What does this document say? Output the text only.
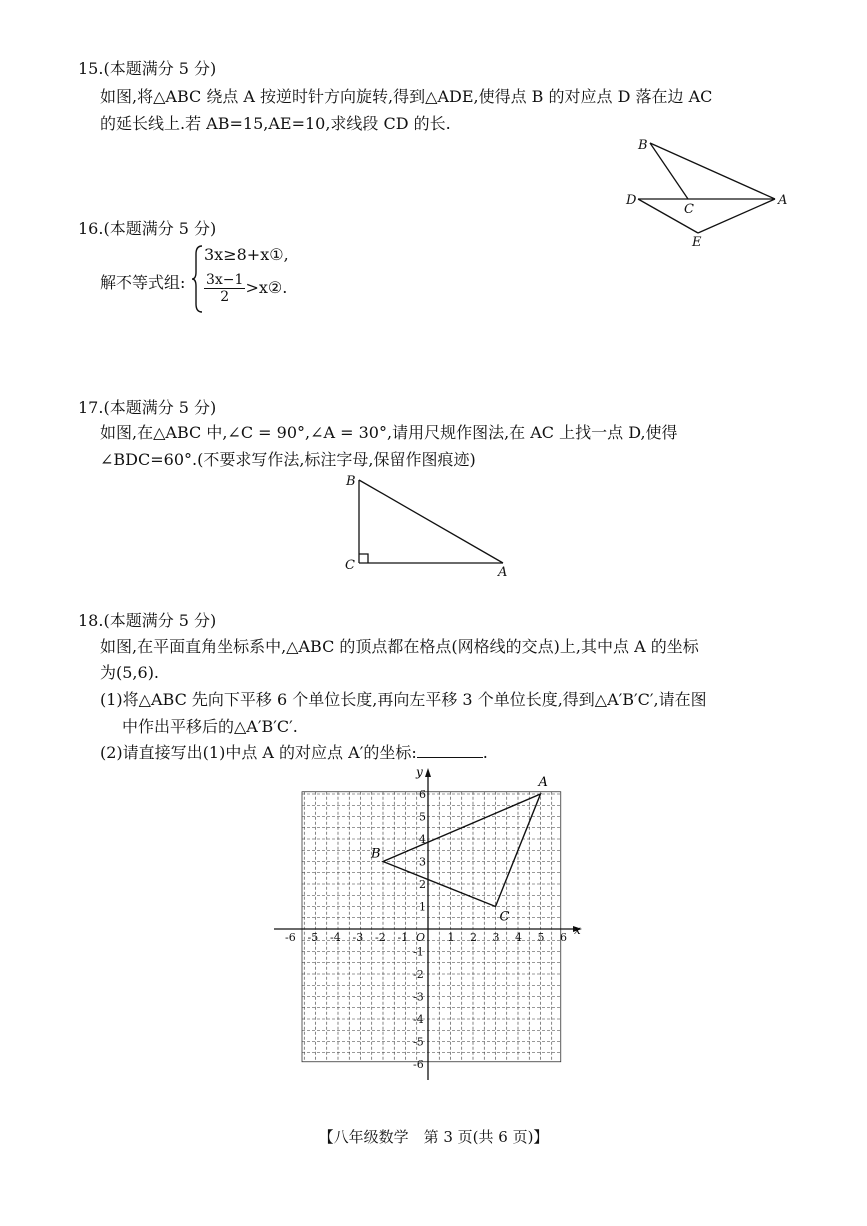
15.(本题满分 5 分)
如图,将△ABC 绕点 A 按逆时针方向旋转,得到△ADE,使得点 B 的对应点 D 落在边 AC
的延长线上.若 AB=15,AE=10,求线段 CD 的长.
B
C
D	A
E
16.(本题满分 5 分)
解不等式组:
3x≥8+x①,
$\frac{3x-1}{2}$ >x②.
17.(本题满分 5 分)
如图,在△ABC 中,∠C = 90°,∠A = 30°,请用尺规作图法,在 AC 上找一点 D,使得
∠BDC=60°.(不要求写作法,标注字母,保留作图痕迹)
B
C	A
18.(本题满分 5 分)
如图,在平面直角坐标系中,△ABC 的顶点都在格点(网格线的交点)上,其中点 A 的坐标
为(5,6).
(1)将△ABC 先向下平移 6 个单位长度,再向左平移 3 个单位长度,得到△A′B′C′,请在图
中作出平移后的△A′B′C′.
(2)请直接写出(1)中点 A 的对应点 A′的坐标:	.
x
y
-6 -5 -4 -3 -2 -1	1 2 3 4 5 6
1
2
3
4
5
6
-1
-2
-3
-4
-5
-6
O
A
B
C
【八年级数学　第 3 页(共 6 页)】
